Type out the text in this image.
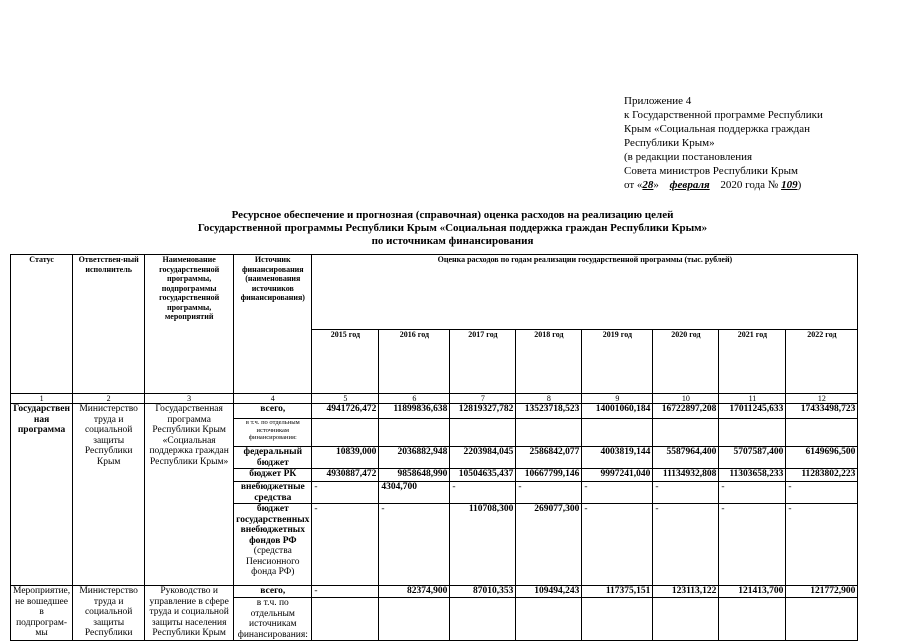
Приложение 4
к Государственной программе Республики
Крым «Социальная поддержка граждан
Республики Крым»
(в редакции постановления
Совета министров Республики Крым
от «28» февраля 2020 года № 109)
Ресурсное обеспечение и прогнозная (справочная) оценка расходов на реализацию целей
Государственной программы Республики Крым «Социальная поддержка граждан Республики Крым»
по источникам финансирования
Статус	Ответствен-ный исполнитель	Наименование государственной программы, подпрограммы государственной программы, мероприятий	Источник финансирования (наименования источников финансирования)	Оценка расходов по годам реализации государственной программы (тыс. рублей)							
				2015 год	2016 год	2017 год	2018 год	2019 год	2020 год	2021 год	2022 год
1	2	3	4	5	6	7	8	9	10	11	12
Государствен ная программа	Министерство труда и социальной защиты Республики Крым	Государственная программа Республики Крым «Социальная поддержка граждан Республики Крым»	всего,	4941726,472	11899836,638	12819327,782	13523718,523	14001060,184	16722897,208	17011245,633	17433498,723
			в т.ч. по отдельным источникам финансирования:								
			федеральный бюджет	10839,000	2036882,948	2203984,045	2586842,077	4003819,144	5587964,400	5707587,400	6149696,500
			бюджет РК	4930887,472	9858648,990	10504635,437	10667799,146	9997241,040	11134932,808	11303658,233	11283802,223
			внебюджетные средства	-	4304,700	-	-	-	-	-	-
			бюджет государственных внебюджетных фондов РФ (средства Пенсионного фонда РФ)	-	-	110708,300	269077,300	-	-	-	-
Мероприятие, не вошедшее в подпрограм-мы	Министерство труда и социальной защиты Республики	Руководство и управление в сфере труда и социальной защиты населения Республики Крым	всего,	-	82374,900	87010,353	109494,243	117375,151	123113,122	121413,700	121772,900
			в т.ч. по отдельным источникам финансирования:								
